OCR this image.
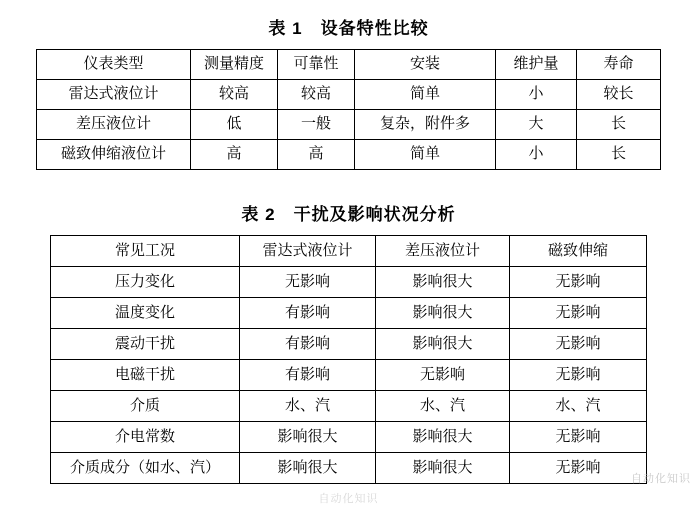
表 1　设备特性比较
仪表类型	测量精度	可靠性	安装	维护量	寿命
雷达式液位计	较高	较高	简单	小	较长
差压液位计	低	一般	复杂，附件多	大	长
磁致伸缩液位计	高	高	简单	小	长
表 2　干扰及影响状况分析
常见工况	雷达式液位计	差压液位计	磁致伸缩
压力变化	无影响	影响很大	无影响
温度变化	有影响	影响很大	无影响
震动干扰	有影响	影响很大	无影响
电磁干扰	有影响	无影响	无影响
介质	水、汽	水、汽	水、汽
介电常数	影响很大	影响很大	无影响
介质成分（如水、汽）	影响很大	影响很大	无影响
自动化知识
自动化知识
